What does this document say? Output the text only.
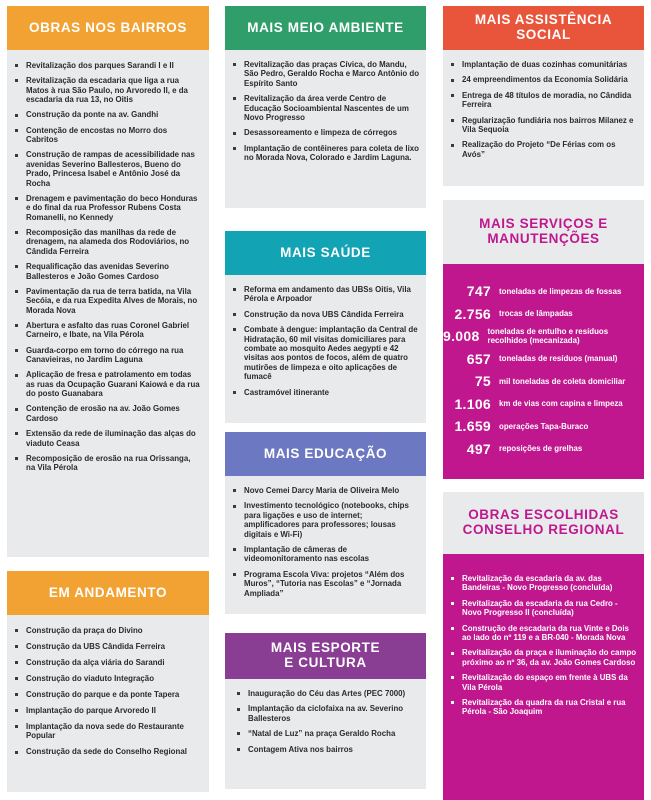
OBRAS NOS BAIRROS
Revitalização dos parques Sarandi I e II
Revitalização da escadaria que liga a rua Matos à rua São Paulo, no Arvoredo II, e da escadaria da rua 13, no Oitis
Construção da ponte na av. Gandhi
Contenção de encostas no Morro dos Cabritos
Construção de rampas de acessibilidade nas avenidas Severino Ballesteros, Bueno do Prado, Princesa Isabel e Antônio José da Rocha
Drenagem e pavimentação do beco Honduras e do final da rua Professor Rubens Costa Romanelli, no Kennedy
Recomposição das manilhas da rede de drenagem, na alameda dos Rodoviários, no Cândida Ferreira
Requalificação das avenidas Severino Ballesteros e João Gomes Cardoso
Pavimentação da rua de terra batida, na Vila Secóia, e da rua Expedita Alves de Morais, no Morada Nova
Abertura e asfalto das ruas Coronel Gabriel Carneiro, e Ibate, na Vila Pérola
Guarda-corpo em torno do córrego na rua Canavieiras, no Jardim Laguna
Aplicação de fresa e patrolamento em todas as ruas da Ocupação Guarani Kaiowá e da rua do posto Guanabara
Contenção de erosão na av. João Gomes Cardoso
Extensão da rede de iluminação das alças do viaduto Ceasa
Recomposição de erosão na rua Orissanga, na Vila Pérola
EM ANDAMENTO
Construção da praça do Divino
Construção da UBS Cândida Ferreira
Construção da alça viária do Sarandi
Construção do viaduto Integração
Construção do parque e da ponte Tapera
Implantação do parque Arvoredo II
Implantação da nova sede do Restaurante Popular
Construção da sede do Conselho Regional
MAIS MEIO AMBIENTE
Revitalização das praças Cívica, do Mandu, São Pedro, Geraldo Rocha e Marco Antônio do Espírito Santo
Revitalização da área verde Centro de Educação Socioambiental Nascentes de um Novo Progresso
Desassoreamento e limpeza de córregos
Implantação de contêineres para coleta de lixo no Morada Nova, Colorado e Jardim Laguna.
MAIS SAÚDE
Reforma em andamento das UBSs Oitis, Vila Pérola e Arpoador
Construção da nova UBS Cândida Ferreira
Combate à dengue: implantação da Central de Hidratação, 60 mil visitas domiciliares para combate ao mosquito Aedes aegypti e 42 visitas aos pontos de focos, além de quatro mutirões de limpeza e oito aplicações de fumacê
Castramóvel itinerante
MAIS EDUCAÇÃO
Novo Cemei Darcy Maria de Oliveira Melo
Investimento tecnológico (notebooks, chips para ligações e uso de internet; amplificadores para professores; lousas digitais e Wi-Fi)
Implantação de câmeras de videomonitoramento nas escolas
Programa Escola Viva: projetos “Além dos Muros”, “Tutoria nas Escolas” e “Jornada Ampliada”
MAIS ESPORTE E CULTURA
Inauguração do Céu das Artes (PEC 7000)
Implantação da ciclofaixa na av. Severino Ballesteros
“Natal de Luz” na praça Geraldo Rocha
Contagem Ativa nos bairros
MAIS ASSISTÊNCIA SOCIAL
Implantação de duas cozinhas comunitárias
24 empreendimentos da Economia Solidária
Entrega de 48 títulos de moradia, no Cândida Ferreira
Regularização fundiária nos bairros Milanez e Vila Sequoia
Realização do Projeto “De Férias com os Avós”
MAIS SERVIÇOS E MANUTENÇÕES
747	toneladas de limpezas de fossas
2.756	trocas de lâmpadas
9.008	toneladas de entulho e resíduos recolhidos (mecanizada)
657	toneladas de resíduos (manual)
75	mil toneladas de coleta domiciliar
1.106	km de vias com capina e limpeza
1.659	operações Tapa-Buraco
497	reposições de grelhas
OBRAS ESCOLHIDAS CONSELHO REGIONAL
Revitalização da escadaria da av. das Bandeiras - Novo Progresso (concluída)
Revitalização da escadaria da rua Cedro - Novo Progresso II (concluída)
Construção de escadaria da rua Vinte e Dois ao lado do nº 119 e a BR-040 - Morada Nova
Revitalização da praça e iluminação do campo próximo ao nº 36, da av. João Gomes Cardoso
Revitalização do espaço em frente à UBS da Vila Pérola
Revitalização da quadra da rua Cristal e rua Pérola - São Joaquim
